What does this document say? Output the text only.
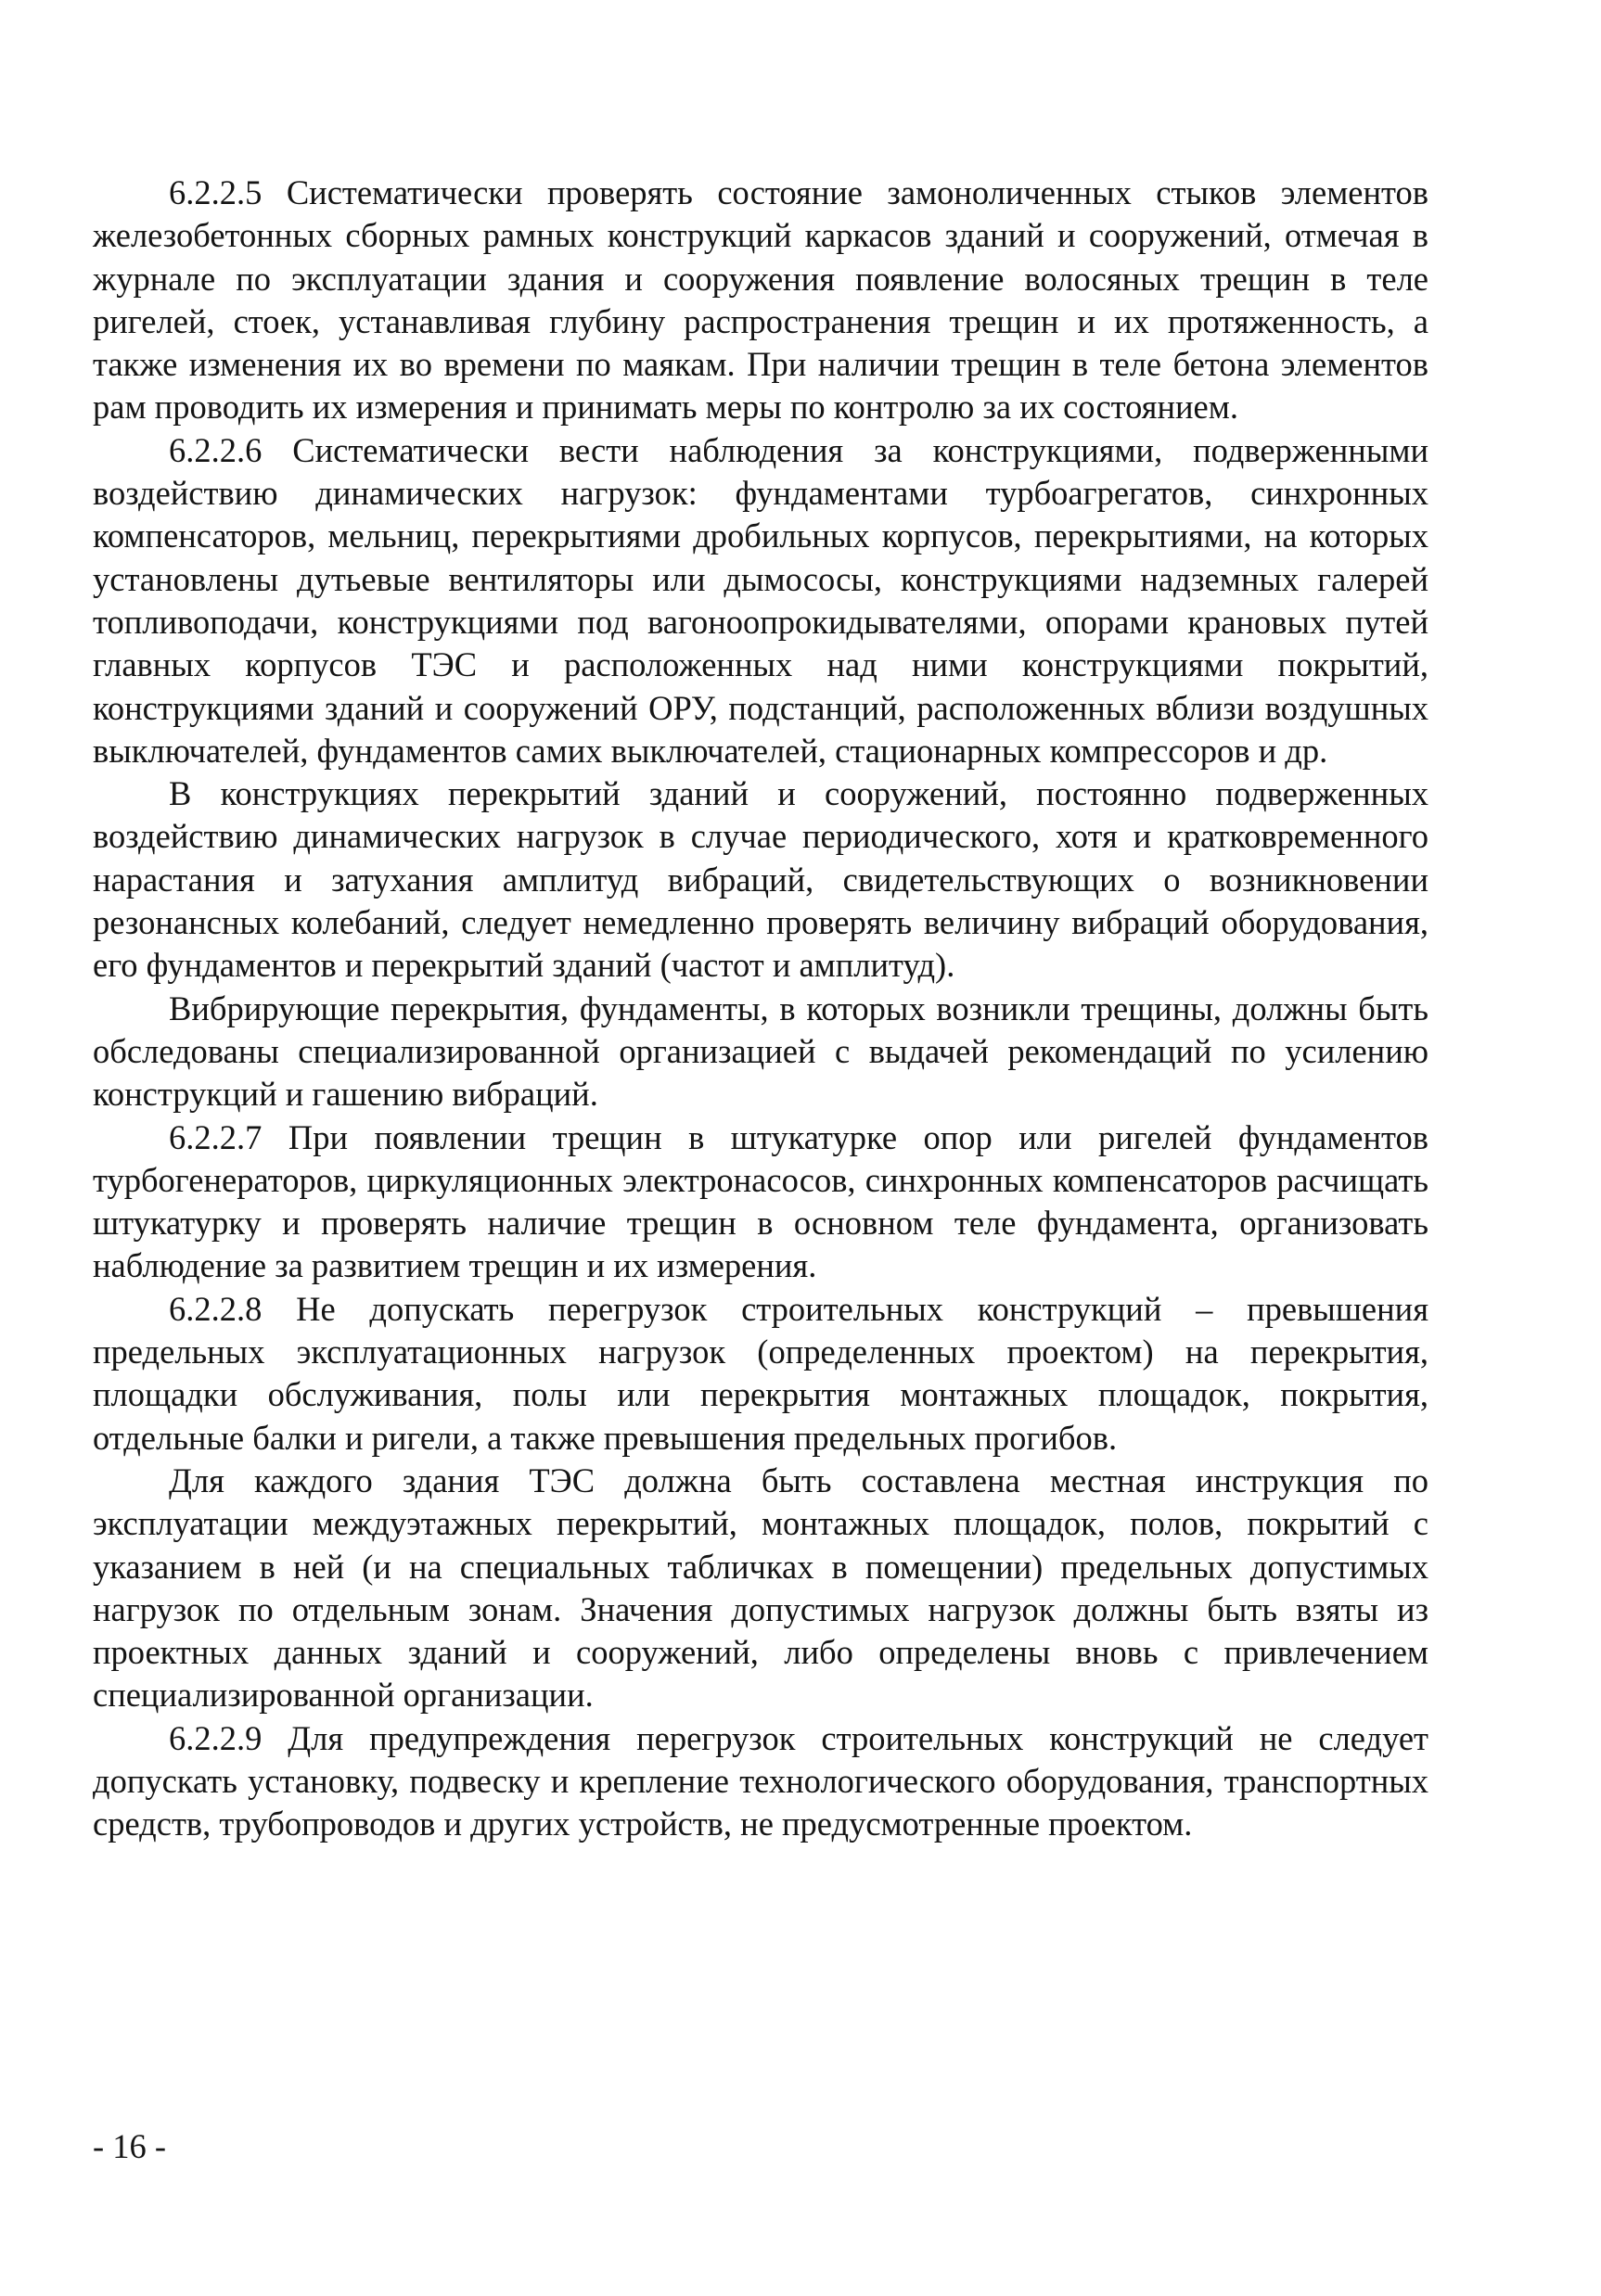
6.2.2.5 Систематически проверять состояние замоноличенных стыков элементов железобетонных сборных рамных конструкций каркасов зданий и сооружений, отмечая в журнале по эксплуатации здания и сооружения появление волосяных трещин в теле ригелей, стоек, устанавливая глубину распространения трещин и их протяженность, а также изменения их во времени по маякам. При наличии трещин в теле бетона элементов рам проводить их измерения и принимать меры по контролю за их состоянием.

6.2.2.6 Систематически вести наблюдения за конструкциями, подверженными воздействию динамических нагрузок: фундаментами турбоагрегатов, синхронных компенсаторов, мельниц, перекрытиями дробильных корпусов, перекрытиями, на которых установлены дутьевые вентиляторы или дымососы, конструкциями надземных галерей топливоподачи, конструкциями под вагоноопрокидывателями, опорами крановых путей главных корпусов ТЭС и расположенных над ними конструкциями покрытий, конструкциями зданий и сооружений ОРУ, подстанций, расположенных вблизи воздушных выключателей, фундаментов самих выключателей, стационарных компрессоров и др.

В конструкциях перекрытий зданий и сооружений, постоянно подверженных воздействию динамических нагрузок в случае периодического, хотя и кратковременного нарастания и затухания амплитуд вибраций, свидетельствующих о возникновении резонансных колебаний, следует немедленно проверять величину вибраций оборудования, его фундаментов и перекрытий зданий (частот и амплитуд).

Вибрирующие перекрытия, фундаменты, в которых возникли трещины, должны быть обследованы специализированной организацией с выдачей рекомендаций по усилению конструкций и гашению вибраций.

6.2.2.7 При появлении трещин в штукатурке опор или ригелей фундаментов турбогенераторов, циркуляционных электронасосов, синхронных компенсаторов расчищать штукатурку и проверять наличие трещин в основном теле фундамента, организовать наблюдение за развитием трещин и их измерения.

6.2.2.8 Не допускать перегрузок строительных конструкций – превышения предельных эксплуатационных нагрузок (определенных проектом) на перекрытия, площадки обслуживания, полы или перекрытия монтажных площадок, покрытия, отдельные балки и ригели, а также превышения предельных прогибов.

Для каждого здания ТЭС должна быть составлена местная инструкция по эксплуатации междуэтажных перекрытий, монтажных площадок, полов, покрытий с указанием в ней (и на специальных табличках в помещении) предельных допустимых нагрузок по отдельным зонам. Значения допустимых нагрузок должны быть взяты из проектных данных зданий и сооружений, либо определены вновь с привлечением специализированной организации.

6.2.2.9 Для предупреждения перегрузок строительных конструкций не следует допускать установку, подвеску и крепление технологического оборудования, транспортных средств, трубопроводов и других устройств, не предусмотренные проектом.

- 16 -
